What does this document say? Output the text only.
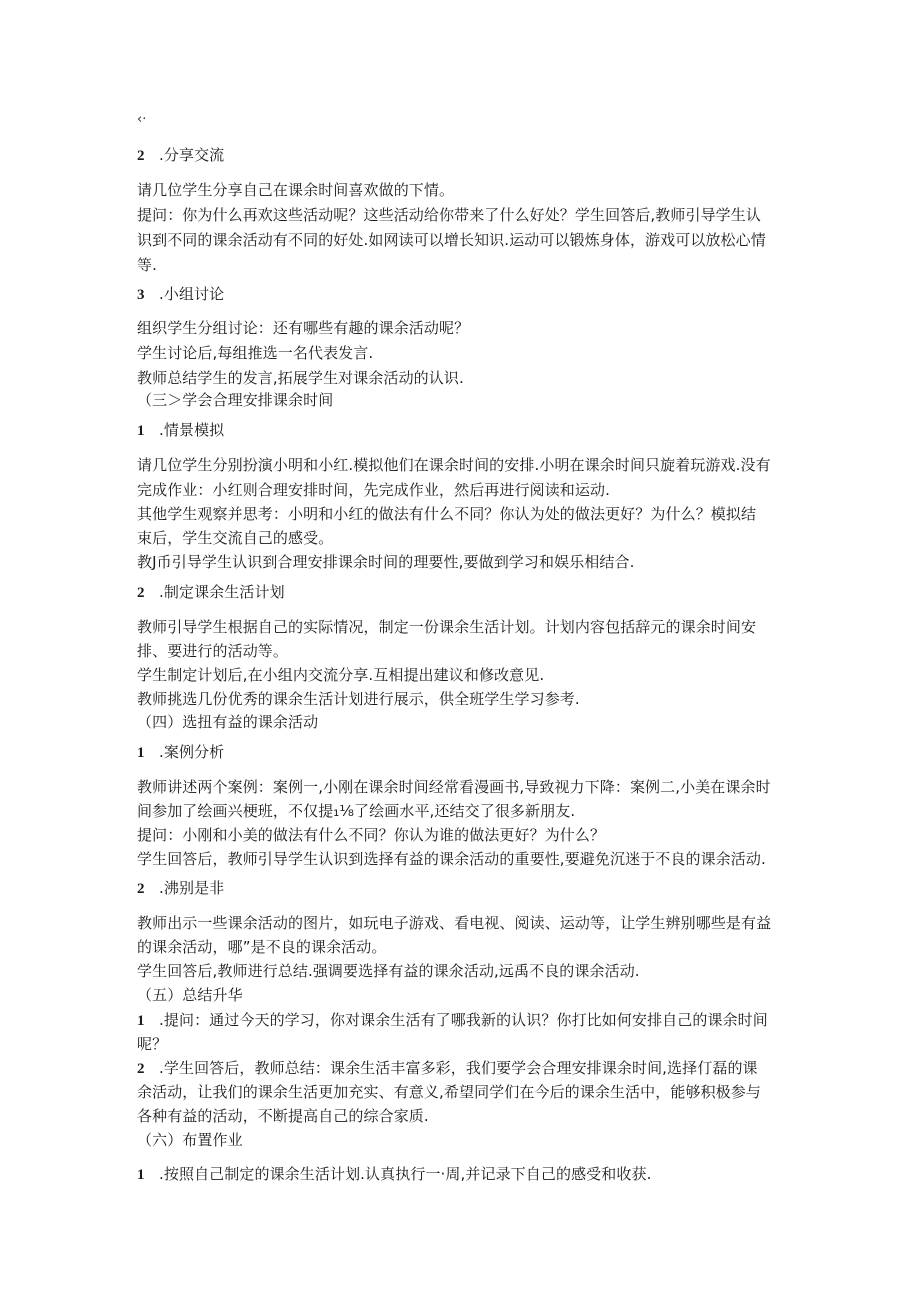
‹·
2 .分享交流
请几位学生分享自己在课余时间喜欢做的下情。
提问：你为什么再欢这些活动呢？这些活动给你带来了什么好处？学生回答后,教师引导学生认
识到不同的课余活动有不同的好处.如网读可以增长知识.运动可以锻炼身体，游戏可以放松心情
等.
3 .小组讨论
组织学生分组讨论：还有哪些有趣的课余活动呢？
学生讨论后,每组推选一名代表发言.
教师总结学生的发言,拓展学生对课余活动的认识.
（三＞学会合理安排课余时间
1 .情景模拟
请几位学生分别扮演小明和小红.模拟他们在课余时间的安排.小明在课余时间只旋着玩游戏.没有
完成作业：小红则合理安排时间，先完成作业，然后再进行阅读和运动.
其他学生观察并思考：小明和小红的做法有什么不同？你认为处的做法更好？为什么？模拟结
束后，学生交流自己的感受。
教J币引导学生认识到合理安排课余时间的理要性,要做到学习和娱乐相结合.
2 .制定课余生活计划
教师引导学生根据自己的实际情况，制定一份课余生活计划。计划内容包括辞元的课余时间安
排、要进行的活动等。
学生制定计划后,在小组内交流分享.互相提出建议和修改意见.
教师挑选几份优秀的课余生活计划进行展示，供全班学生学习参考.
（四）选扭有益的课余活动
1 .案例分析
教师讲述两个案例：案例一,小刚在课余时间经常看漫画书,导致视力下降：案例二,小美在课余时
间参加了绘画兴梗班，不仅提₁⅛了绘画水平,还结交了很多新朋友.
提问：小刚和小美的做法有什么不同？你认为谁的做法更好？为什么？
学生回答后，教师引导学生认识到选择有益的课余活动的重要性,要避免沉迷于不良的课余活动.
2 .沸别是非
教师出示一些课余活动的图片，如玩电子游戏、看电视、阅读、运动等，让学生辨别哪些是有益
的课余活动，哪”是不良的课余活动。
学生回答后,教师进行总结.强调要选择有益的课氽活动,远禹不良的课余活动.
（五）总结升华
1 .提问：通过今天的学习，你对课余生活有了哪我新的认识？你打比如何安排自己的课余时间
呢？
2 .学生回答后，教师总结：课余生活丰富多彩，我们要学会合理安排课余时间,选择仃磊的课
余活动，让我们的课余生活更加充实、有意义,希望同学们在今后的课余生活中，能够积极参与
各种有益的活动，不断提高自己的综合家质.
（六）布置作业
1 .按照自己制定的课余生活计划.认真执行一·周,并记录下自己的感受和收获.
